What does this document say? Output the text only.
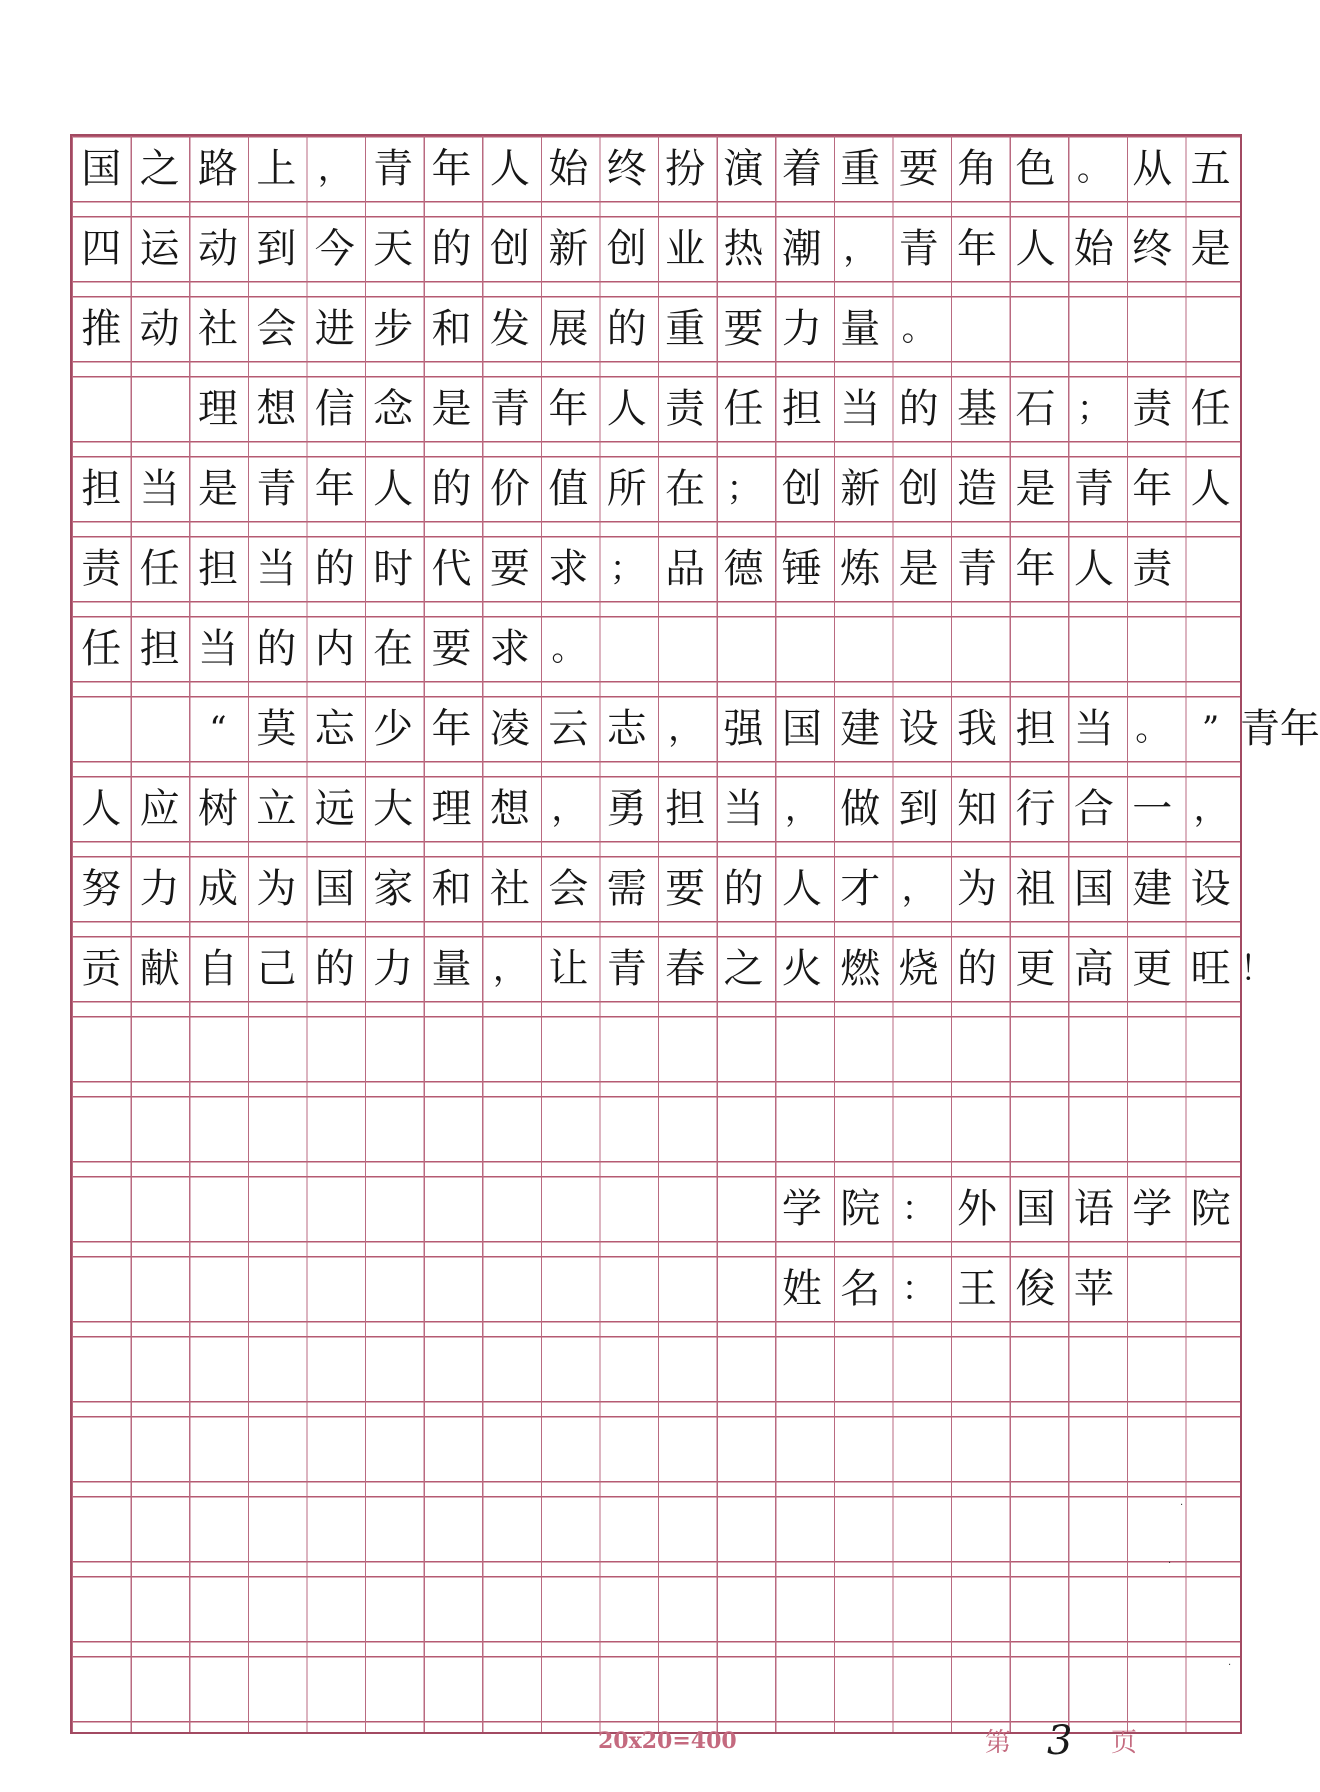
国 之 路 上 ， 青 年 人 始 终 扮 演 着 重 要 角 色 。 从 五
四 运 动 到 今 天 的 创 新 创 业 热 潮 ， 青 年 人 始 终 是
推 动 社 会 进 步 和 发 展 的 重 要 力 量 。
理 想 信 念 是 青 年 人 责 任 担 当 的 基 石 ； 责 任
担 当 是 青 年 人 的 价 值 所 在 ； 创 新 创 造 是 青 年 人
责 任 担 当 的 时 代 要 求 ； 品 德 锤 炼 是 青 年 人 责
任 担 当 的 内 在 要 求 。
“ 莫 忘 少 年 凌 云 志 ， 强 国 建 设 我 担 当 。 ” 青 年
人 应 树 立 远 大 理 想 ， 勇 担 当 ， 做 到 知 行 合 一 ，
努 力 成 为 国 家 和 社 会 需 要 的 人 才 ， 为 祖 国 建 设
贡 献 自 己 的 力 量 ， 让 青 春 之 火 燃 烧 的 更 高 更 旺 ！
学 院 ： 外 国 语 学 院
姓 名 ： 王 俊 苹
20x20=400	第 3 页
·
·
·
